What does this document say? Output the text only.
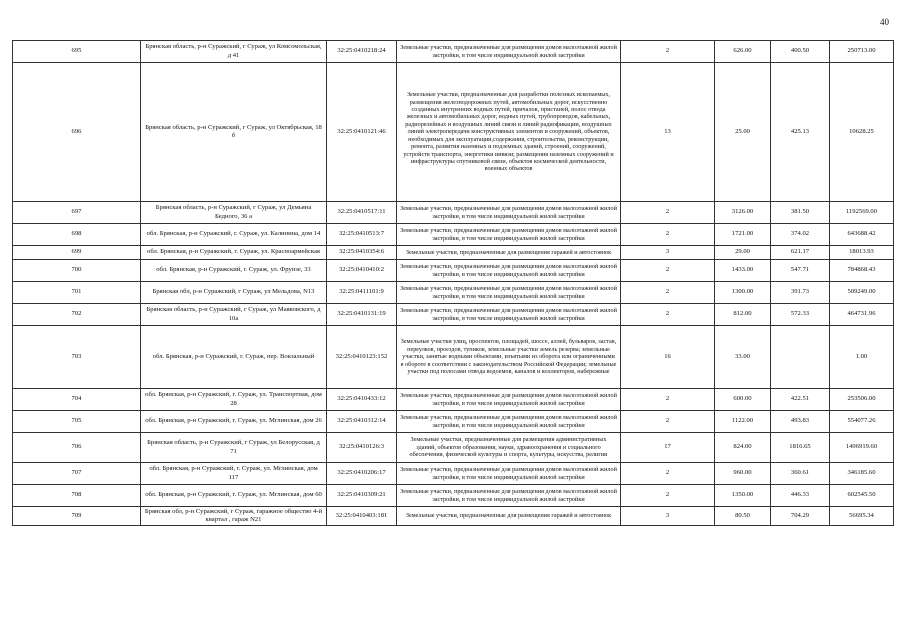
40
695	Брянская область, р-н Суражский, г Сураж, ул Комсомольская, д 41	32:25:0410218:24	Земельные участки, предназначенные для размещения домов малоэтажной жилой застройки, в том числе индивидуальной жилой застройки	2	626.00	400.50	250713.00
696	Брянская область, р-н Суражский, г Сураж, ул Октябрьская, 18 б	32:25:0410121:46	Земельные участки, предназначенные для разработки полезных ископаемых, размещения железнодорожных путей, автомобильных дорог, искусственно созданных внутренних водных путей, причалов, пристаней, полос отвода железных и автомобильных дорог, водных путей, трубопроводов, кабельных, радиорелейных и воздушных линий связи и линий радиофикации, воздушных линий электропередачи конструктивных элементов и сооружений, объектов, необходимых для эксплуатации,содержания, строительства, реконструкции, ремонта, развития наземных и подземных зданий, строений, сооружений, устройств транспорта, энергетики иивязи; размещения наземных сооружений и инфраструктуры спутниковой связи, объектов космической деятельности, военных объектов	13	25.00	425.13	10628.25
697	Брянская область, р-н Суражский, г Сураж, ул Демьяна Бедного, 36 а	32:25:0410517:11	Земельные участки, предназначенные для размещения домов малоэтажной жилой застройки, в том числе индивидуальной жилой застройки	2	3126.00	381.50	1192569.00
698	обл. Брянская, р-н Суражский, г. Сураж, ул. Калинина, дом 14	32:25:0410513:7	Земельные участки, предназначенные для размещения домов малоэтажной жилой застройки, в том числе индивидуальной жилой застройки	2	1721.00	374.02	643688.42
699	обл. Брянская, р-н Суражский, г. Сураж, ул. Красноармейская	32:25:0410354:6	Земельные участки, предназначенные для размещения гаражей и автостоянок	3	29.00	621.17	18013.93
700	обл. Брянская, р-н Суражский, г. Сураж, ул. Фрунзе, 33	32:25:0410410:2	Земельные участки, предназначенные для размещения домов малоэтажной жилой застройки, в том числе индивидуальной жилой застройки	2	1433.00	547.71	784868.43
701	Брянская обл, р-н Суражский, г Сураж, ул Мельдова, N13	32:25:0411101:9	Земельные участки, предназначенные для размещения домов малоэтажной жилой застройки, в том числе индивидуальной жилой застройки	2	1300.00	391.73	509249.00
702	Брянская область, р-н Суражский, г Сураж, ул Маяковского, д 10а	32:25:0410131:19	Земельные участки, предназначенные для размещения домов малоэтажной жилой застройки, в том числе индивидуальной жилой застройки	2	812.00	572.33	464731.96
703	обл. Брянская, р-н Суражский, г. Сураж, пер. Вокзальный	32:25:0410123:152	Земельные участки улиц, проспектов, площадей, шоссе, аллей, бульваров, застав, переулков, проездов, тупиков, земельные участки земель резерва; земельные участки, занятые водными объектами, изъятыми из оборота или ограниченными в обороте в соответствии с законодательством Российской Федерации; земельные участки под полосами отвода водоемов, каналов и коллекторов, набережные	16	33.00		1.00
704	обл. Брянская, р-н Суражский, г. Сураж, ул. Транспортная, дом 28	32:25:0410433:12	Земельные участки, предназначенные для размещения домов малоэтажной жилой застройки, в том числе индивидуальной жилой застройки	2	600.00	422.51	253506.00
705	обл. Брянская, р-н Суражский, г. Сураж, ул. Мглинская, дом 26	32:25:0410312:14	Земельные участки, предназначенные для размещения домов малоэтажной жилой застройки, в том числе индивидуальной жилой застройки	2	1122.00	493.83	554077.26
706	Брянская область, р-н Суражский, г Сураж, ул Белорусская, д 71	32:25:0410126:3	Земельные участки, предназначенные для размещения административных зданий, объектов образования, науки, здравоохранения и социального обеспечения, физической культуры и спорта, культуры, искусства, религии	17	824.00	1816.65	1496919.60
707	обл. Брянская, р-н Суражский, г. Сураж, ул. Мглинская, дом 117	32:25:0410206:17	Земельные участки, предназначенные для размещения домов малоэтажной жилой застройки, в том числе индивидуальной жилой застройки	2	960.00	360.61	346185.60
708	обл. Брянская, р-н Суражский, г. Сураж, ул. Мглинская, дом 60	32:25:0410309:21	Земельные участки, предназначенные для размещения домов малоэтажной жилой застройки, в том числе индивидуальной жилой застройки	2	1350.00	446.33	602545.50
709	Брянская обл, р-н Суражский, г Сураж, гаражное общество 4-й квартал , гараж N21	32:25:0410403:181	Земельные участки, предназначенные для размещения гаражей и автостоянок	3	80.50	704.29	56695.34
